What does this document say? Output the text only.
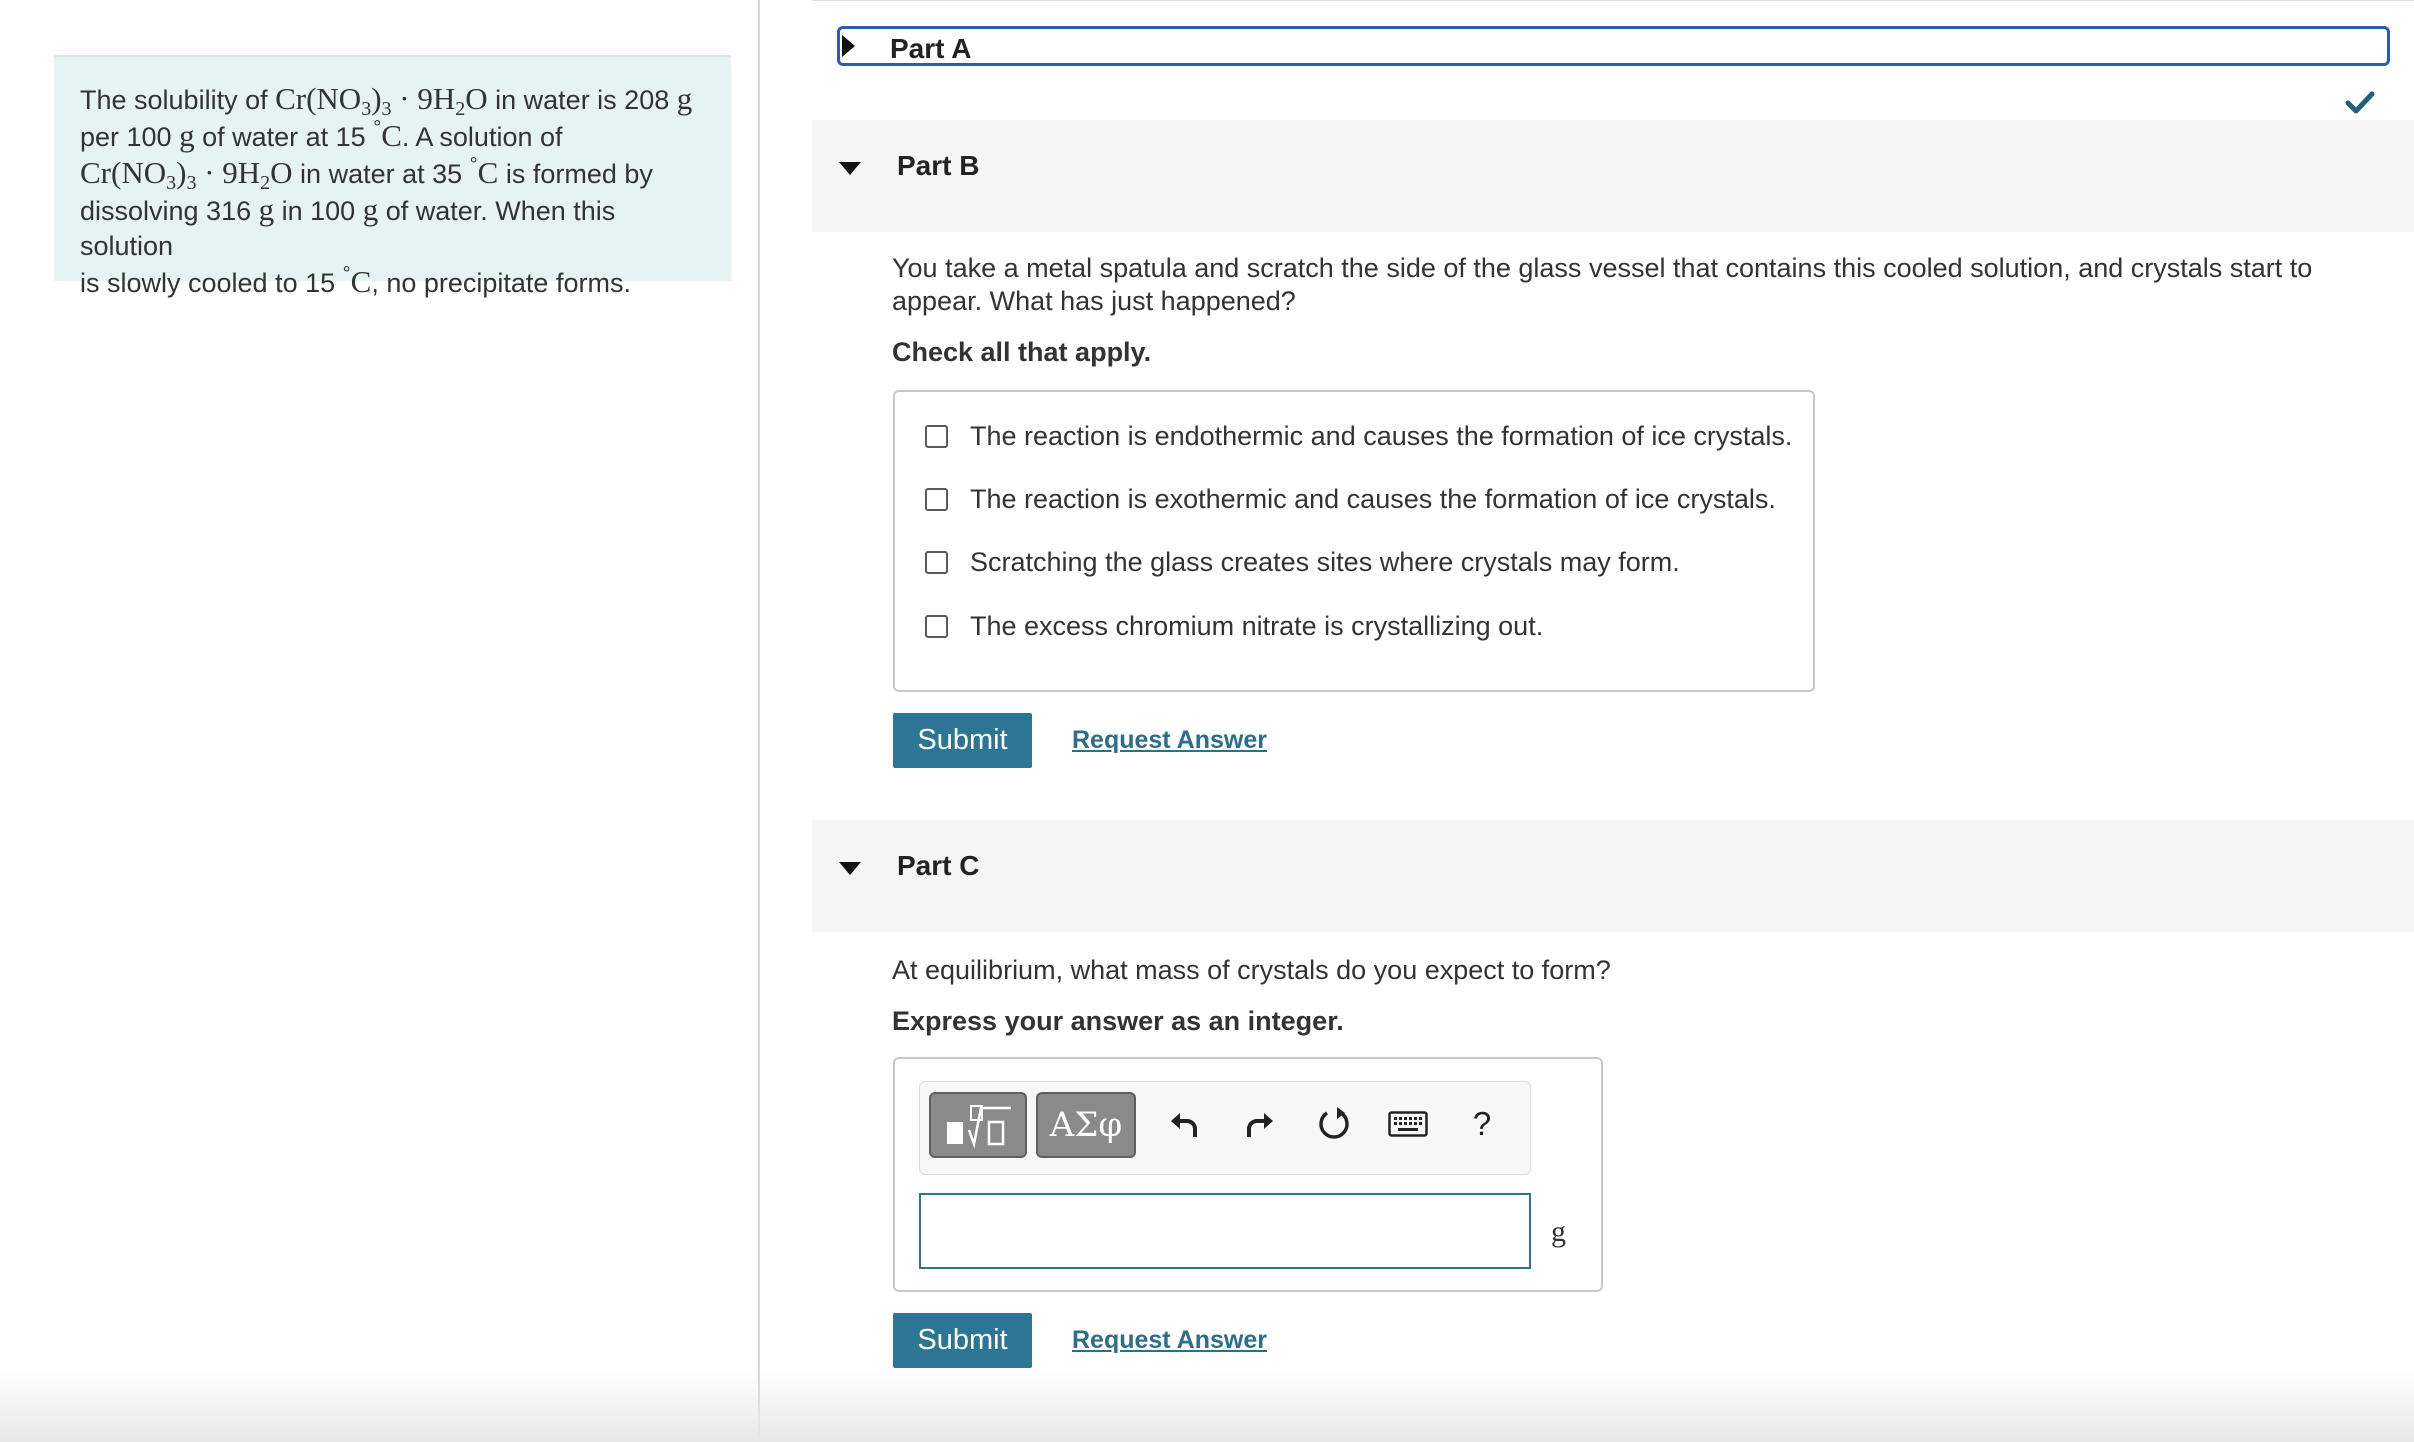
The solubility of $Cr(NO_3)_3 \cdot 9H_2O$ in water is 208 g
per 100 g of water at 15 °C. A solution of
$Cr(NO_3)_3 \cdot 9H_2O$ in water at 35 °C is formed by
dissolving 316 g in 100 g of water. When this solution
is slowly cooled to 15 °C, no precipitate forms.
Part A
Part B
You take a metal spatula and scratch the side of the glass vessel that contains this cooled solution, and crystals start to appear. What has just happened?
Check all that apply.
The reaction is endothermic and causes the formation of ice crystals.
The reaction is exothermic and causes the formation of ice crystals.
Scratching the glass creates sites where crystals may form.
The excess chromium nitrate is crystallizing out.
Submit	Request Answer
Part C
At equilibrium, what mass of crystals do you expect to form?
Express your answer as an integer.
ΑΣφ	?
g
Submit	Request Answer
